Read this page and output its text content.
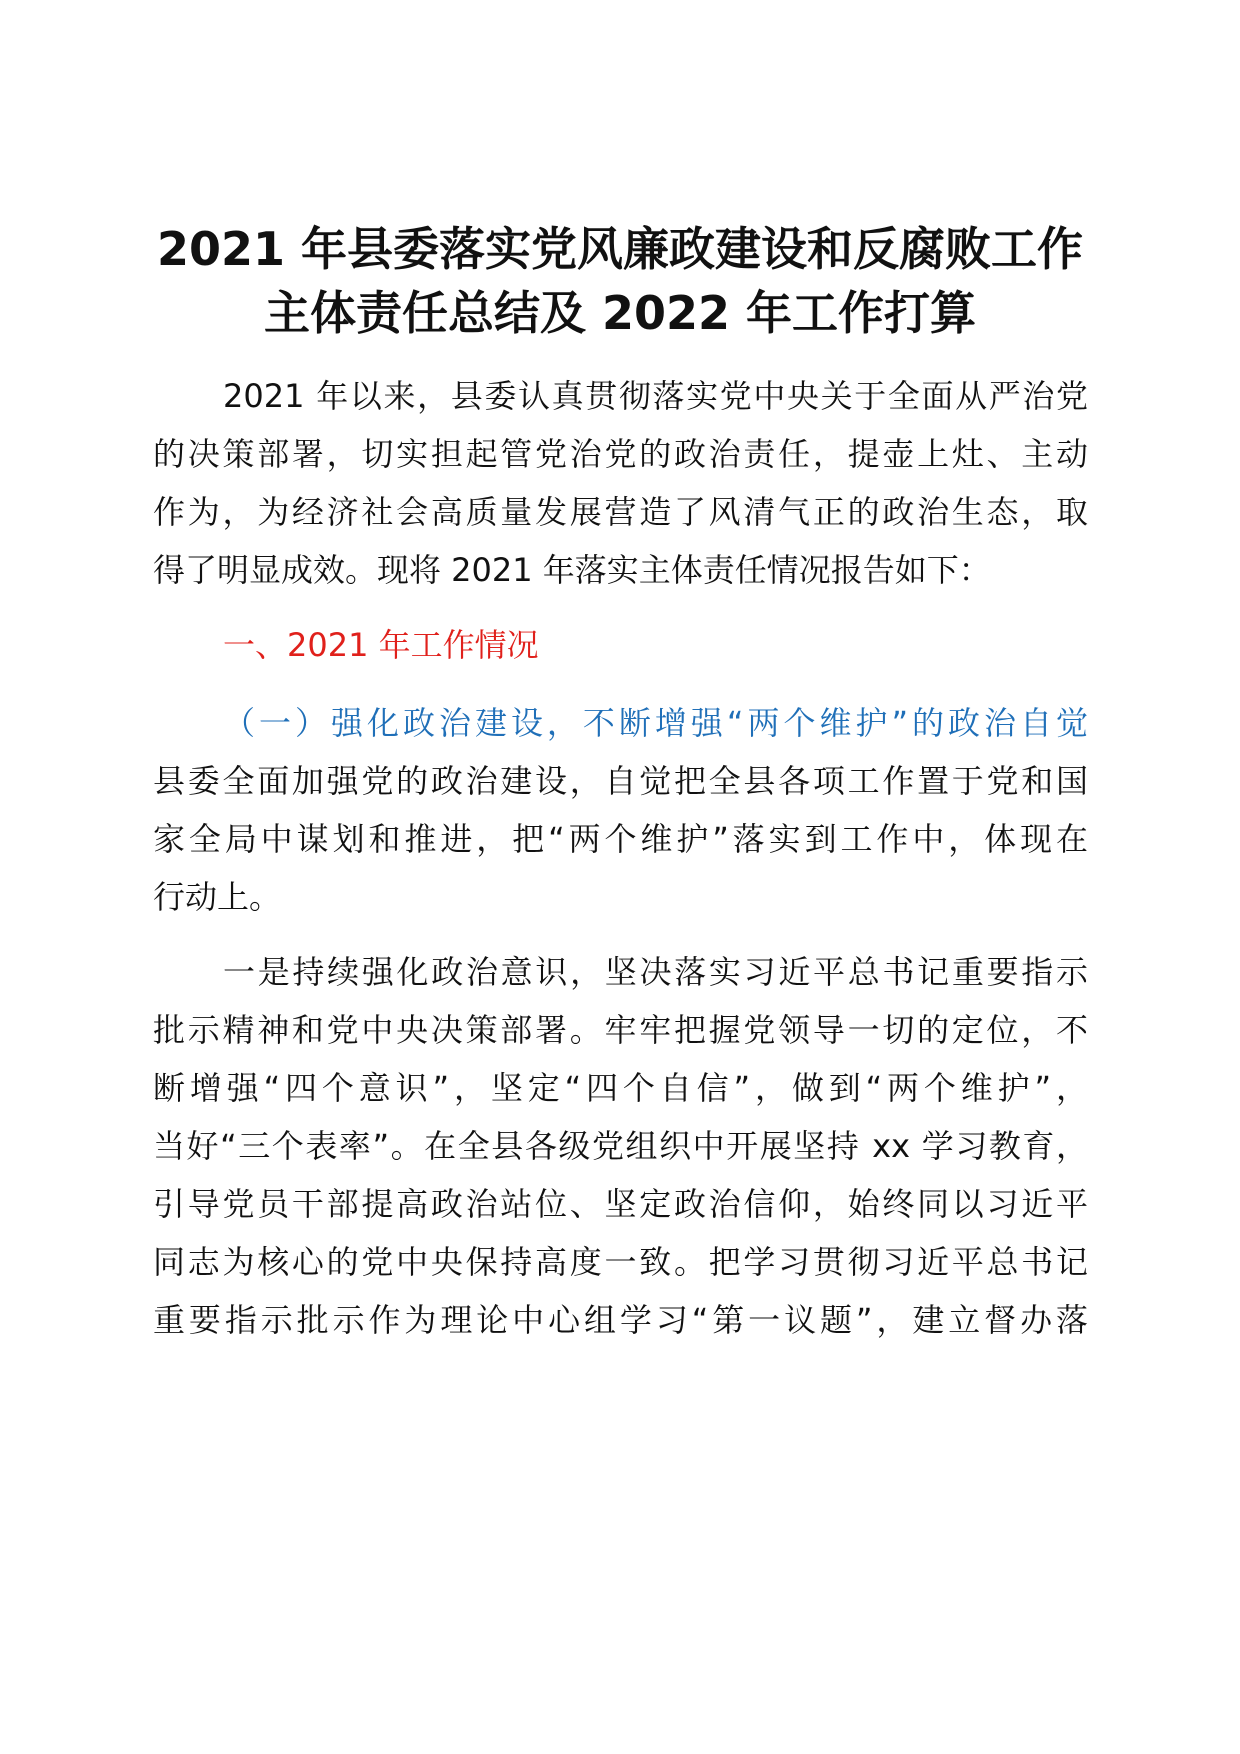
2021 年县委落实党风廉政建设和反腐败工作
主体责任总结及 2022 年工作打算
2021 年以来，县委认真贯彻落实党中央关于全面从严治党
的决策部署，切实担起管党治党的政治责任，提壶上灶、主动
作为，为经济社会高质量发展营造了风清气正的政治生态，取
得了明显成效。现将 2021 年落实主体责任情况报告如下：
一、2021 年工作情况
（一）强化政治建设，不断增强“两个维护”的政治自觉
县委全面加强党的政治建设，自觉把全县各项工作置于党和国
家全局中谋划和推进，把“两个维护”落实到工作中，体现在
行动上。
一是持续强化政治意识，坚决落实习近平总书记重要指示
批示精神和党中央决策部署。牢牢把握党领导一切的定位，不
断增强“四个意识”，坚定“四个自信”，做到“两个维护”，
当好“三个表率”。在全县各级党组织中开展坚持 xx 学习教育，
引导党员干部提高政治站位、坚定政治信仰，始终同以习近平
同志为核心的党中央保持高度一致。把学习贯彻习近平总书记
重要指示批示作为理论中心组学习“第一议题”，建立督办落
